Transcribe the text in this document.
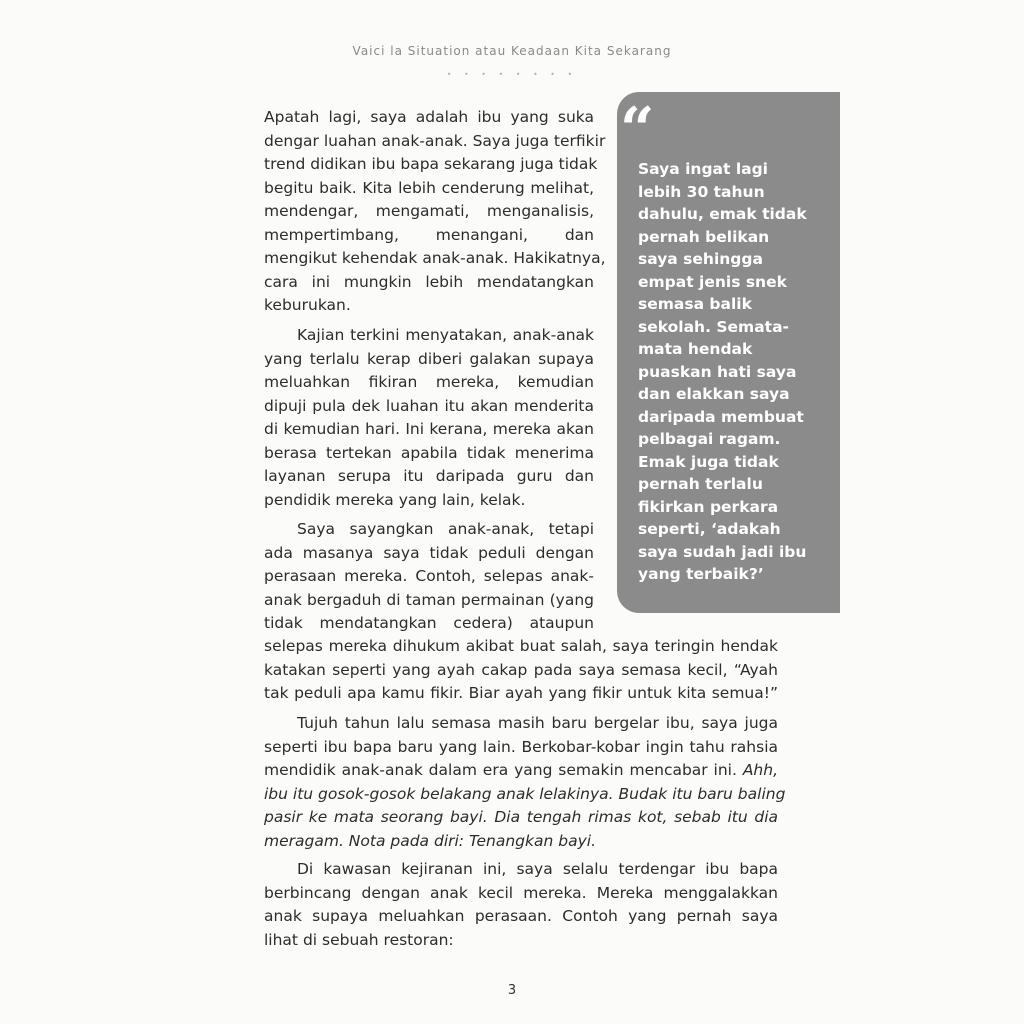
Vaici la Situation atau Keadaan Kita Sekarang
• • • • • • • •
“

Saya ingat lagi
lebih 30 tahun
dahulu, emak tidak
pernah belikan
saya sehingga
empat jenis snek
semasa balik
sekolah. Semata-
mata hendak
puaskan hati saya
dan elakkan saya
daripada membuat
pelbagai ragam.
Emak juga tidak
pernah terlalu
fikirkan perkara
seperti, ‘adakah
saya sudah jadi ibu
yang terbaik?’

Apatah lagi, saya adalah ibu yang suka
dengar luahan anak-anak. Saya juga terfikir
trend didikan ibu bapa sekarang juga tidak
begitu baik. Kita lebih cenderung melihat,
mendengar, mengamati, menganalisis,
mempertimbang, menangani, dan
mengikut kehendak anak-anak. Hakikatnya,
cara ini mungkin lebih mendatangkan
keburukan.

Kajian terkini menyatakan, anak-anak
yang terlalu kerap diberi galakan supaya
meluahkan fikiran mereka, kemudian
dipuji pula dek luahan itu akan menderita
di kemudian hari. Ini kerana, mereka akan
berasa tertekan apabila tidak menerima
layanan serupa itu daripada guru dan
pendidik mereka yang lain, kelak.

Saya sayangkan anak-anak, tetapi
ada masanya saya tidak peduli dengan
perasaan mereka. Contoh, selepas anak-
anak bergaduh di taman permainan (yang
tidak mendatangkan cedera) ataupun

selepas mereka dihukum akibat buat salah, saya teringin hendak
katakan seperti yang ayah cakap pada saya semasa kecil, “Ayah
tak peduli apa kamu fikir. Biar ayah yang fikir untuk kita semua!”

Tujuh tahun lalu semasa masih baru bergelar ibu, saya juga
seperti ibu bapa baru yang lain. Berkobar-kobar ingin tahu rahsia
mendidik anak-anak dalam era yang semakin mencabar ini. Ahh,
ibu itu gosok-gosok belakang anak lelakinya. Budak itu baru baling
pasir ke mata seorang bayi. Dia tengah rimas kot, sebab itu dia
meragam. Nota pada diri: Tenangkan bayi.

Di kawasan kejiranan ini, saya selalu terdengar ibu bapa
berbincang dengan anak kecil mereka. Mereka menggalakkan
anak supaya meluahkan perasaan. Contoh yang pernah saya
lihat di sebuah restoran:

3
